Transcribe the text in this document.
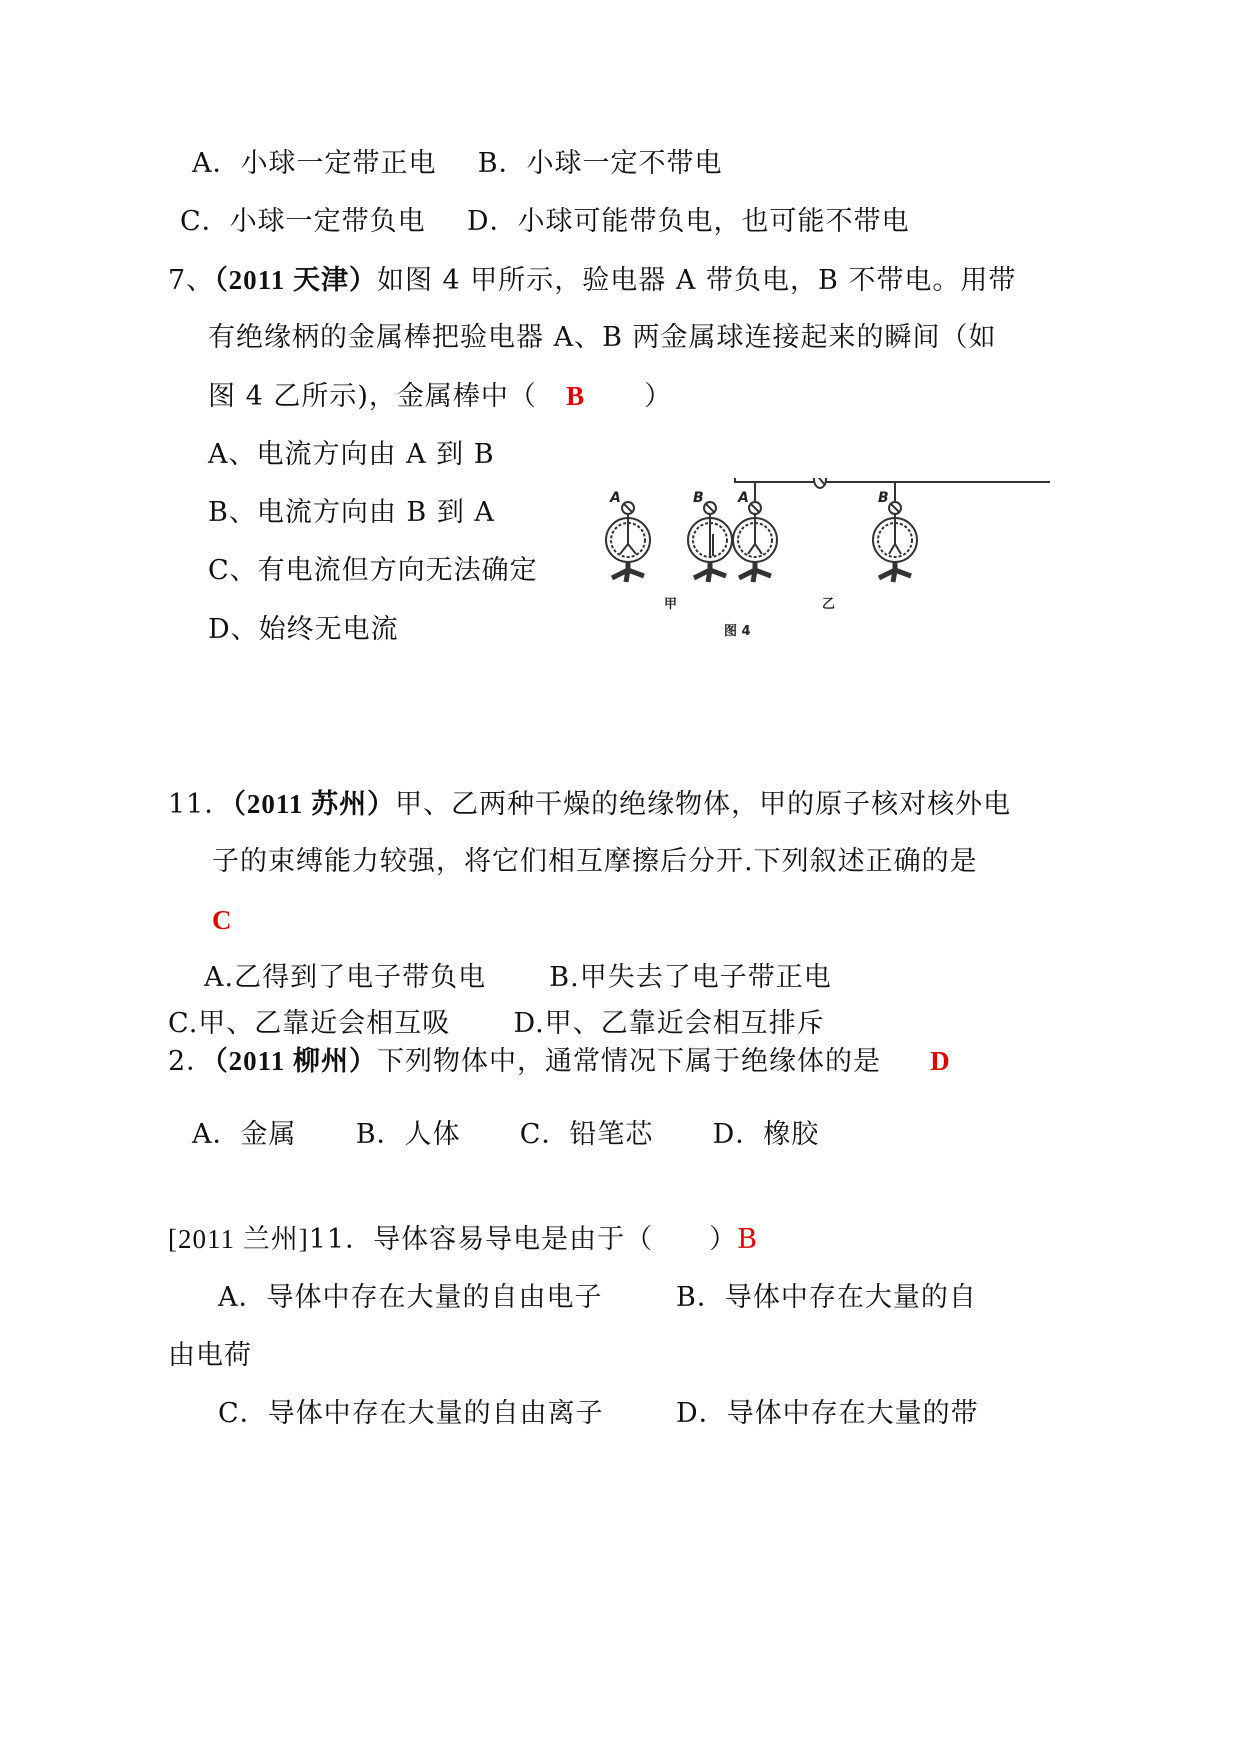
A．小球一定带正电 B．小球一定不带电
C．小球一定带负电 D．小球可能带负电，也可能不带电
7、（2011 天津）如图 4 甲所示，验电器 A 带负电，B 不带电。用带
有绝缘柄的金属棒把验电器 A、B 两金属球连接起来的瞬间（如
图 4 乙所示)，金属棒中（ B ）
A、电流方向由 A 到 B
B、电流方向由 B 到 A
C、有电流但方向无法确定
D、始终无电流
A	B A	B
甲	乙
图 4
11．（2011 苏州）甲、乙两种干燥的绝缘物体，甲的原子核对核外电
子的束缚能力较强，将它们相互摩擦后分开.下列叙述正确的是
C
A.乙得到了电子带负电 B.甲失去了电子带正电
C.甲、乙靠近会相互吸 D.甲、乙靠近会相互排斥
2．（2011 柳州）下列物体中，通常情况下属于绝缘体的是 D
A．金属 B．人体 C．铅笔芯 D．橡胶
[2011 兰州]11．导体容易导电是由于（　　）B
A．导体中存在大量的自由电子	B．导体中存在大量的自
由电荷
C．导体中存在大量的自由离子	D．导体中存在大量的带
